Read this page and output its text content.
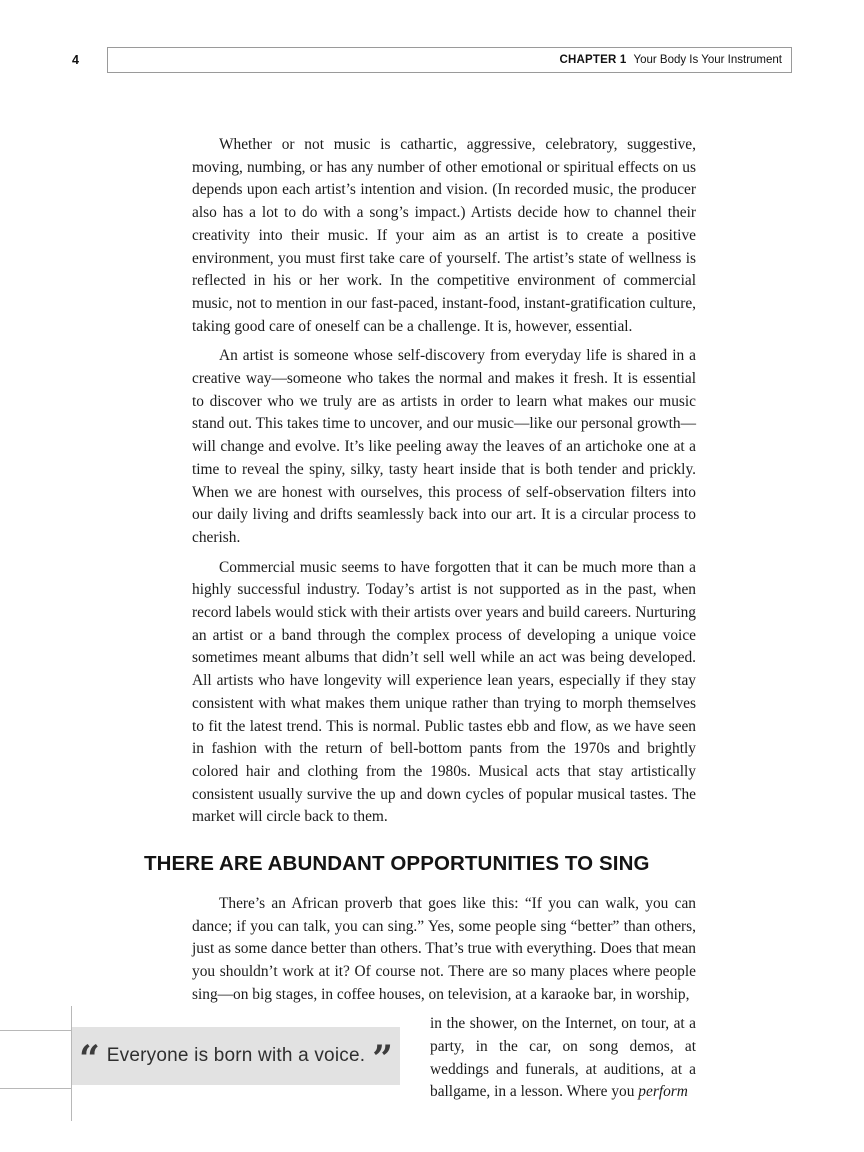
4	CHAPTER 1 Your Body Is Your Instrument

Whether or not music is cathartic, aggressive, celebratory, suggestive, moving, numbing, or has any number of other emotional or spiritual effects on us depends upon each artist’s intention and vision. (In recorded music, the producer also has a lot to do with a song’s impact.) Artists decide how to channel their creativity into their music. If your aim as an artist is to create a positive environment, you must first take care of yourself. The artist’s state of wellness is reflected in his or her work. In the competitive environment of commercial music, not to mention in our fast-paced, instant-food, instant-gratification culture, taking good care of oneself can be a challenge. It is, however, essential.

An artist is someone whose self-discovery from everyday life is shared in a creative way—someone who takes the normal and makes it fresh. It is essential to discover who we truly are as artists in order to learn what makes our music stand out. This takes time to uncover, and our music—like our personal growth—will change and evolve. It’s like peeling away the leaves of an artichoke one at a time to reveal the spiny, silky, tasty heart inside that is both tender and prickly. When we are honest with ourselves, this process of self-observation filters into our daily living and drifts seamlessly back into our art. It is a circular process to cherish.

Commercial music seems to have forgotten that it can be much more than a highly successful industry. Today’s artist is not supported as in the past, when record labels would stick with their artists over years and build careers. Nurturing an artist or a band through the complex process of developing a unique voice sometimes meant albums that didn’t sell well while an act was being developed. All artists who have longevity will experience lean years, especially if they stay consistent with what makes them unique rather than trying to morph themselves to fit the latest trend. This is normal. Public tastes ebb and flow, as we have seen in fashion with the return of bell-bottom pants from the 1970s and brightly colored hair and clothing from the 1980s. Musical acts that stay artistically consistent usually survive the up and down cycles of popular musical tastes. The market will circle back to them.

THERE ARE ABUNDANT OPPORTUNITIES TO SING

There’s an African proverb that goes like this: “If you can walk, you can dance; if you can talk, you can sing.” Yes, some people sing “better” than others, just as some dance better than others. That’s true with everything. Does that mean you shouldn’t work at it? Of course not. There are so many places where people sing—on big stages, in coffee houses, on television, at a karaoke bar, in worship,

“ Everyone is born with a voice. ”

in the shower, on the Internet, on tour, at a party, in the car, on song demos, at weddings and funerals, at auditions, at a ballgame, in a lesson. Where you perform
